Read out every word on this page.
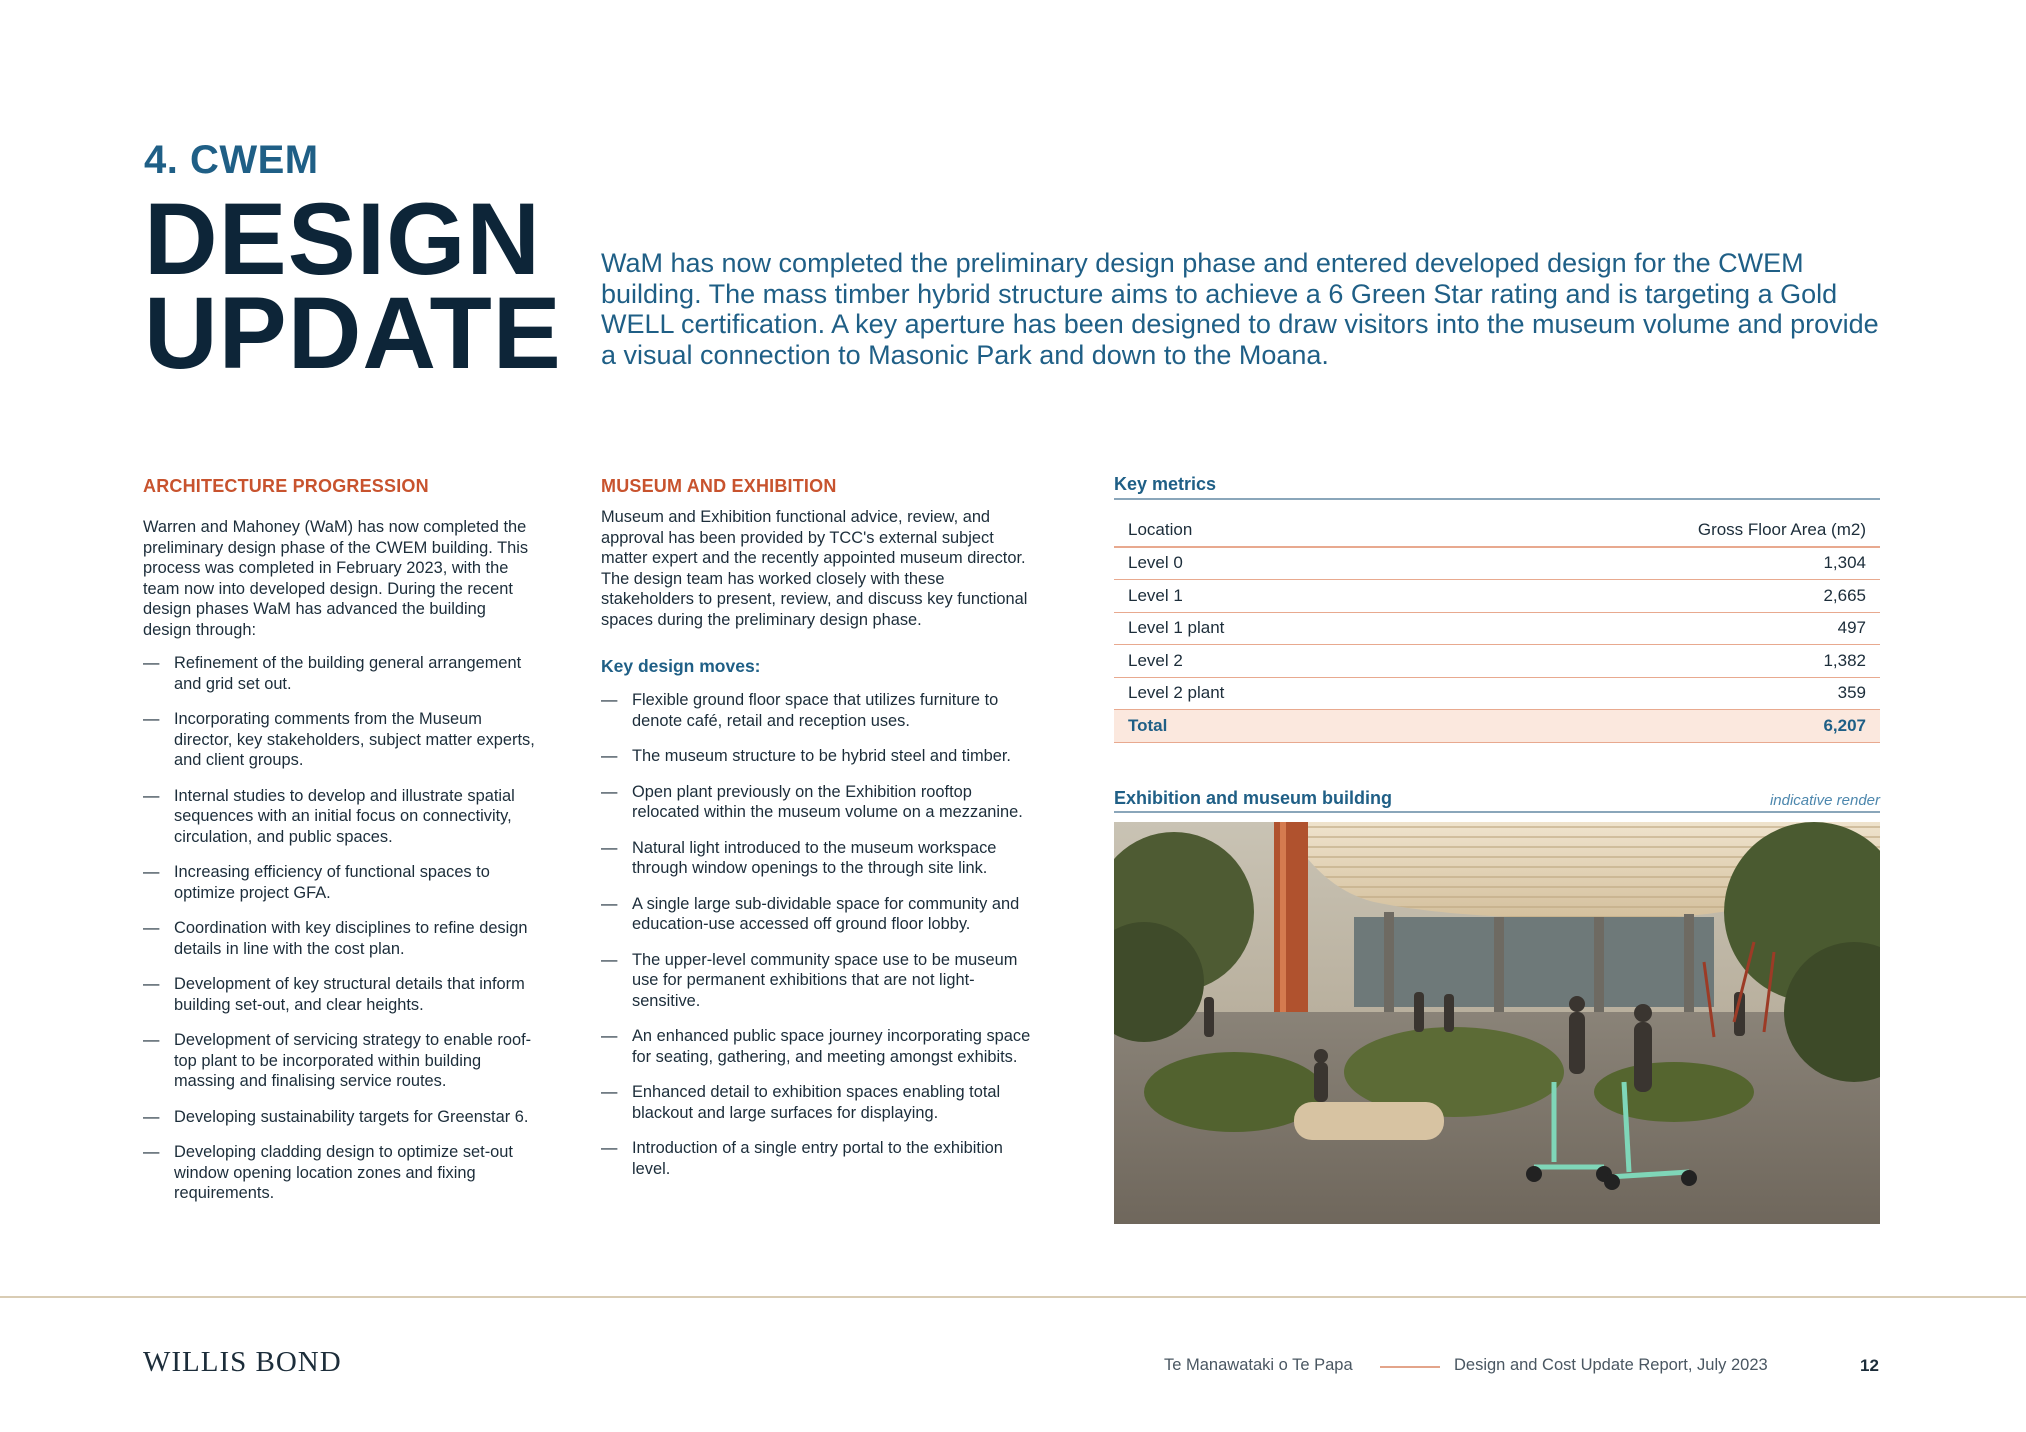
4. CWEM
DESIGN
UPDATE
WaM has now completed the preliminary design phase and entered developed design for the CWEM building. The mass timber hybrid structure aims to achieve a 6 Green Star rating and is targeting a Gold WELL certification. A key aperture has been designed to draw visitors into the museum volume and provide a visual connection to Masonic Park and down to the Moana.
ARCHITECTURE PROGRESSION
Warren and Mahoney (WaM) has now completed the preliminary design phase of the CWEM building. This process was completed in February 2023, with the team now into developed design. During the recent design phases WaM has advanced the building design through:
— Refinement of the building general arrangement and grid set out.
— Incorporating comments from the Museum director, key stakeholders, subject matter experts, and client groups.
— Internal studies to develop and illustrate spatial sequences with an initial focus on connectivity, circulation, and public spaces.
— Increasing efficiency of functional spaces to optimize project GFA.
— Coordination with key disciplines to refine design details in line with the cost plan.
— Development of key structural details that inform building set-out, and clear heights.
— Development of servicing strategy to enable roof-top plant to be incorporated within building massing and finalising service routes.
— Developing sustainability targets for Greenstar 6.
— Developing cladding design to optimize set-out window opening location zones and fixing requirements.
MUSEUM AND EXHIBITION
Museum and Exhibition functional advice, review, and approval has been provided by TCC's external subject matter expert and the recently appointed museum director. The design team has worked closely with these stakeholders to present, review, and discuss key functional spaces during the preliminary design phase.
Key design moves:
— Flexible ground floor space that utilizes furniture to denote café, retail and reception uses.
— The museum structure to be hybrid steel and timber.
— Open plant previously on the Exhibition rooftop relocated within the museum volume on a mezzanine.
— Natural light introduced to the museum workspace through window openings to the through site link.
— A single large sub-dividable space for community and education-use accessed off ground floor lobby.
— The upper-level community space use to be museum use for permanent exhibitions that are not light-sensitive.
— An enhanced public space journey incorporating space for seating, gathering, and meeting amongst exhibits.
— Enhanced detail to exhibition spaces enabling total blackout and large surfaces for displaying.
— Introduction of a single entry portal to the exhibition level.
Key metrics
Location	Gross Floor Area (m2)
Level 0	1,304
Level 1	2,665
Level 1 plant	497
Level 2	1,382
Level 2 plant	359
Total	6,207
Exhibition and museum building	indicative render
WILLIS BOND	Te Manawataki o Te Papa	Design and Cost Update Report, July 2023	12
